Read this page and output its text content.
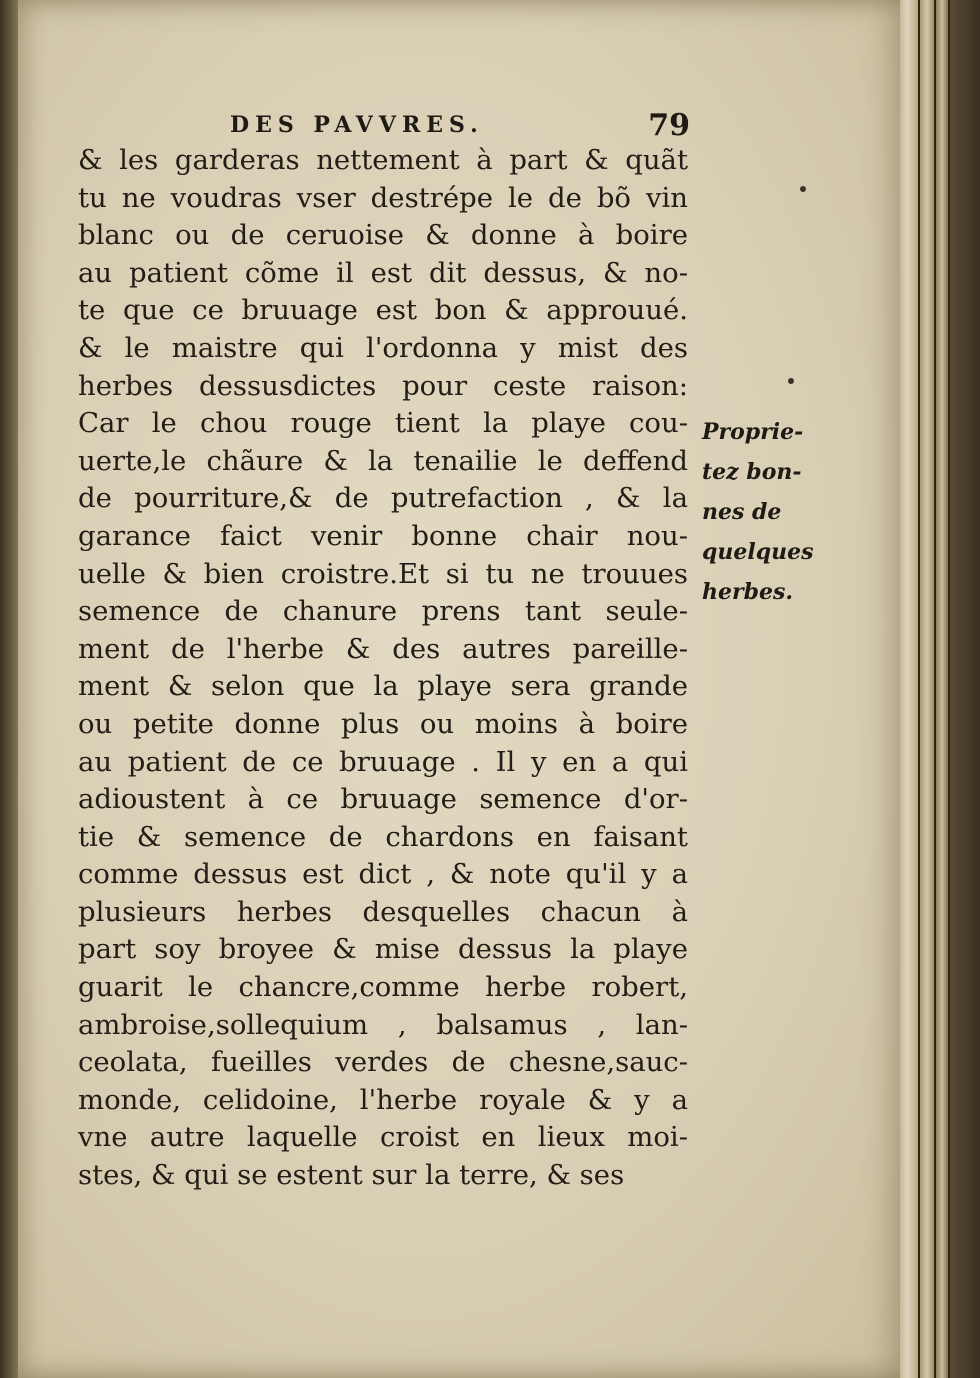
DES PAVVRES.	79
& les garderas nettement à part & quãt
tu ne voudras vser destrépe le de bõ vin
blanc ou de ceruoise & donne à boire
au patient cõme il est dit dessus, & no-
te que ce bruuage est bon & approuué.
& le maistre qui l'ordonna y mist des
herbes dessusdictes pour ceste raison:
Car le chou rouge tient la playe cou-
uerte,le chãure & la tenailie le deffend
de pourriture,& de putrefaction , & la
garance faict venir bonne chair nou-
uelle & bien croistre.Et si tu ne trouues
semence de chanure prens tant seule-
ment de l'herbe & des autres pareille-
ment & selon que la playe sera grande
ou petite donne plus ou moins à boire
au patient de ce bruuage . Il y en a qui
adioustent à ce bruuage semence d'or-
tie & semence de chardons en faisant
comme dessus est dict , & note qu'il y a
plusieurs herbes desquelles chacun à
part soy broyee & mise dessus la playe
guarit le chancre,comme herbe robert,
ambroise,sollequium , balsamus , lan-
ceolata, fueilles verdes de chesne,sauc-
monde, celidoine, l'herbe royale & y a
vne autre laquelle croist en lieux moi-
stes, & qui se estent sur la terre, & ses
Proprie-
tez bon-
nes de
quelques
herbes.
